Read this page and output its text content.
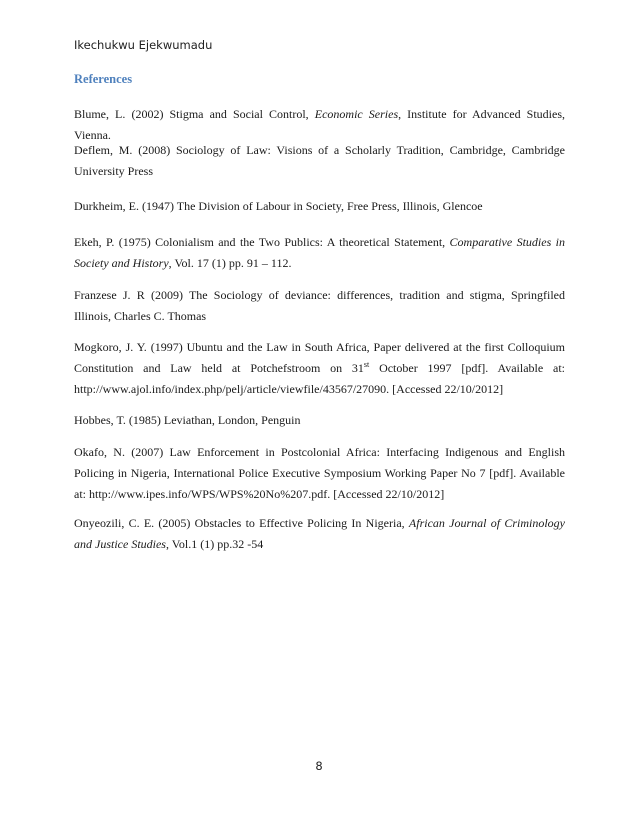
Ikechukwu Ejekwumadu
References
Blume, L. (2002) Stigma and Social Control, Economic Series, Institute for Advanced Studies, Vienna.
Deflem, M. (2008) Sociology of Law: Visions of a Scholarly Tradition, Cambridge, Cambridge University Press
Durkheim, E. (1947) The Division of Labour in Society, Free Press, Illinois, Glencoe
Ekeh, P. (1975) Colonialism and the Two Publics: A theoretical Statement, Comparative Studies in Society and History, Vol. 17 (1) pp. 91 – 112.
Franzese J. R (2009) The Sociology of deviance: differences, tradition and stigma, Springfiled Illinois, Charles C. Thomas
Mogkoro, J. Y. (1997) Ubuntu and the Law in South Africa, Paper delivered at the first Colloquium Constitution and Law held at Potchefstroom on 31st October 1997 [pdf]. Available at: http://www.ajol.info/index.php/pelj/article/viewfile/43567/27090. [Accessed 22/10/2012]
Hobbes, T. (1985) Leviathan, London, Penguin
Okafo, N. (2007) Law Enforcement in Postcolonial Africa: Interfacing Indigenous and English Policing in Nigeria, International Police Executive Symposium Working Paper No 7 [pdf]. Available at: http://www.ipes.info/WPS/WPS%20No%207.pdf. [Accessed 22/10/2012]
Onyeozili, C. E. (2005) Obstacles to Effective Policing In Nigeria, African Journal of Criminology and Justice Studies, Vol.1 (1) pp.32 -54
8
